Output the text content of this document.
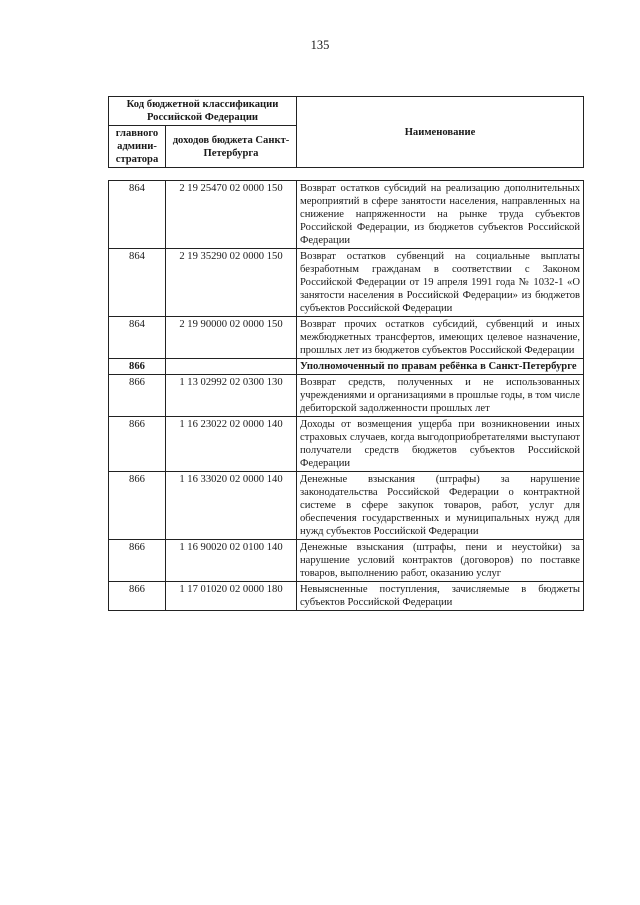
135
Код бюджетной классификации Российской Федерации		Наименование
главного админи-стратора	доходов бюджета Санкт-Петербурга	
864	2 19 25470 02 0000 150	Возврат остатков субсидий на реализацию дополнительных мероприятий в сфере занятости населения, направленных на снижение напряженности на рынке труда субъектов Российской Федерации, из бюджетов субъектов Российской Федерации
864	2 19 35290 02 0000 150	Возврат остатков субвенций на социальные выплаты безработным гражданам в соответствии с Законом Российской Федерации от 19 апреля 1991 года № 1032-1 «О занятости населения в Российской Федерации» из бюджетов субъектов Российской Федерации
864	2 19 90000 02 0000 150	Возврат прочих остатков субсидий, субвенций и иных межбюджетных трансфертов, имеющих целевое назначение, прошлых лет из бюджетов субъектов Российской Федерации
866		Уполномоченный по правам ребёнка в Санкт-Петербурге
866	1 13 02992 02 0300 130	Возврат средств, полученных и не использованных учреждениями и организациями в прошлые годы, в том числе дебиторской задолженности прошлых лет
866	1 16 23022 02 0000 140	Доходы от возмещения ущерба при возникновении иных страховых случаев, когда выгодоприобретателями выступают получатели средств бюджетов субъектов Российской Федерации
866	1 16 33020 02 0000 140	Денежные взыскания (штрафы) за нарушение законодательства Российской Федерации о контрактной системе в сфере закупок товаров, работ, услуг для обеспечения государственных и муниципальных нужд для нужд субъектов Российской Федерации
866	1 16 90020 02 0100 140	Денежные взыскания (штрафы, пени и неустойки) за нарушение условий контрактов (договоров) по поставке товаров, выполнению работ, оказанию услуг
866	1 17 01020 02 0000 180	Невыясненные поступления, зачисляемые в бюджеты субъектов Российской Федерации
